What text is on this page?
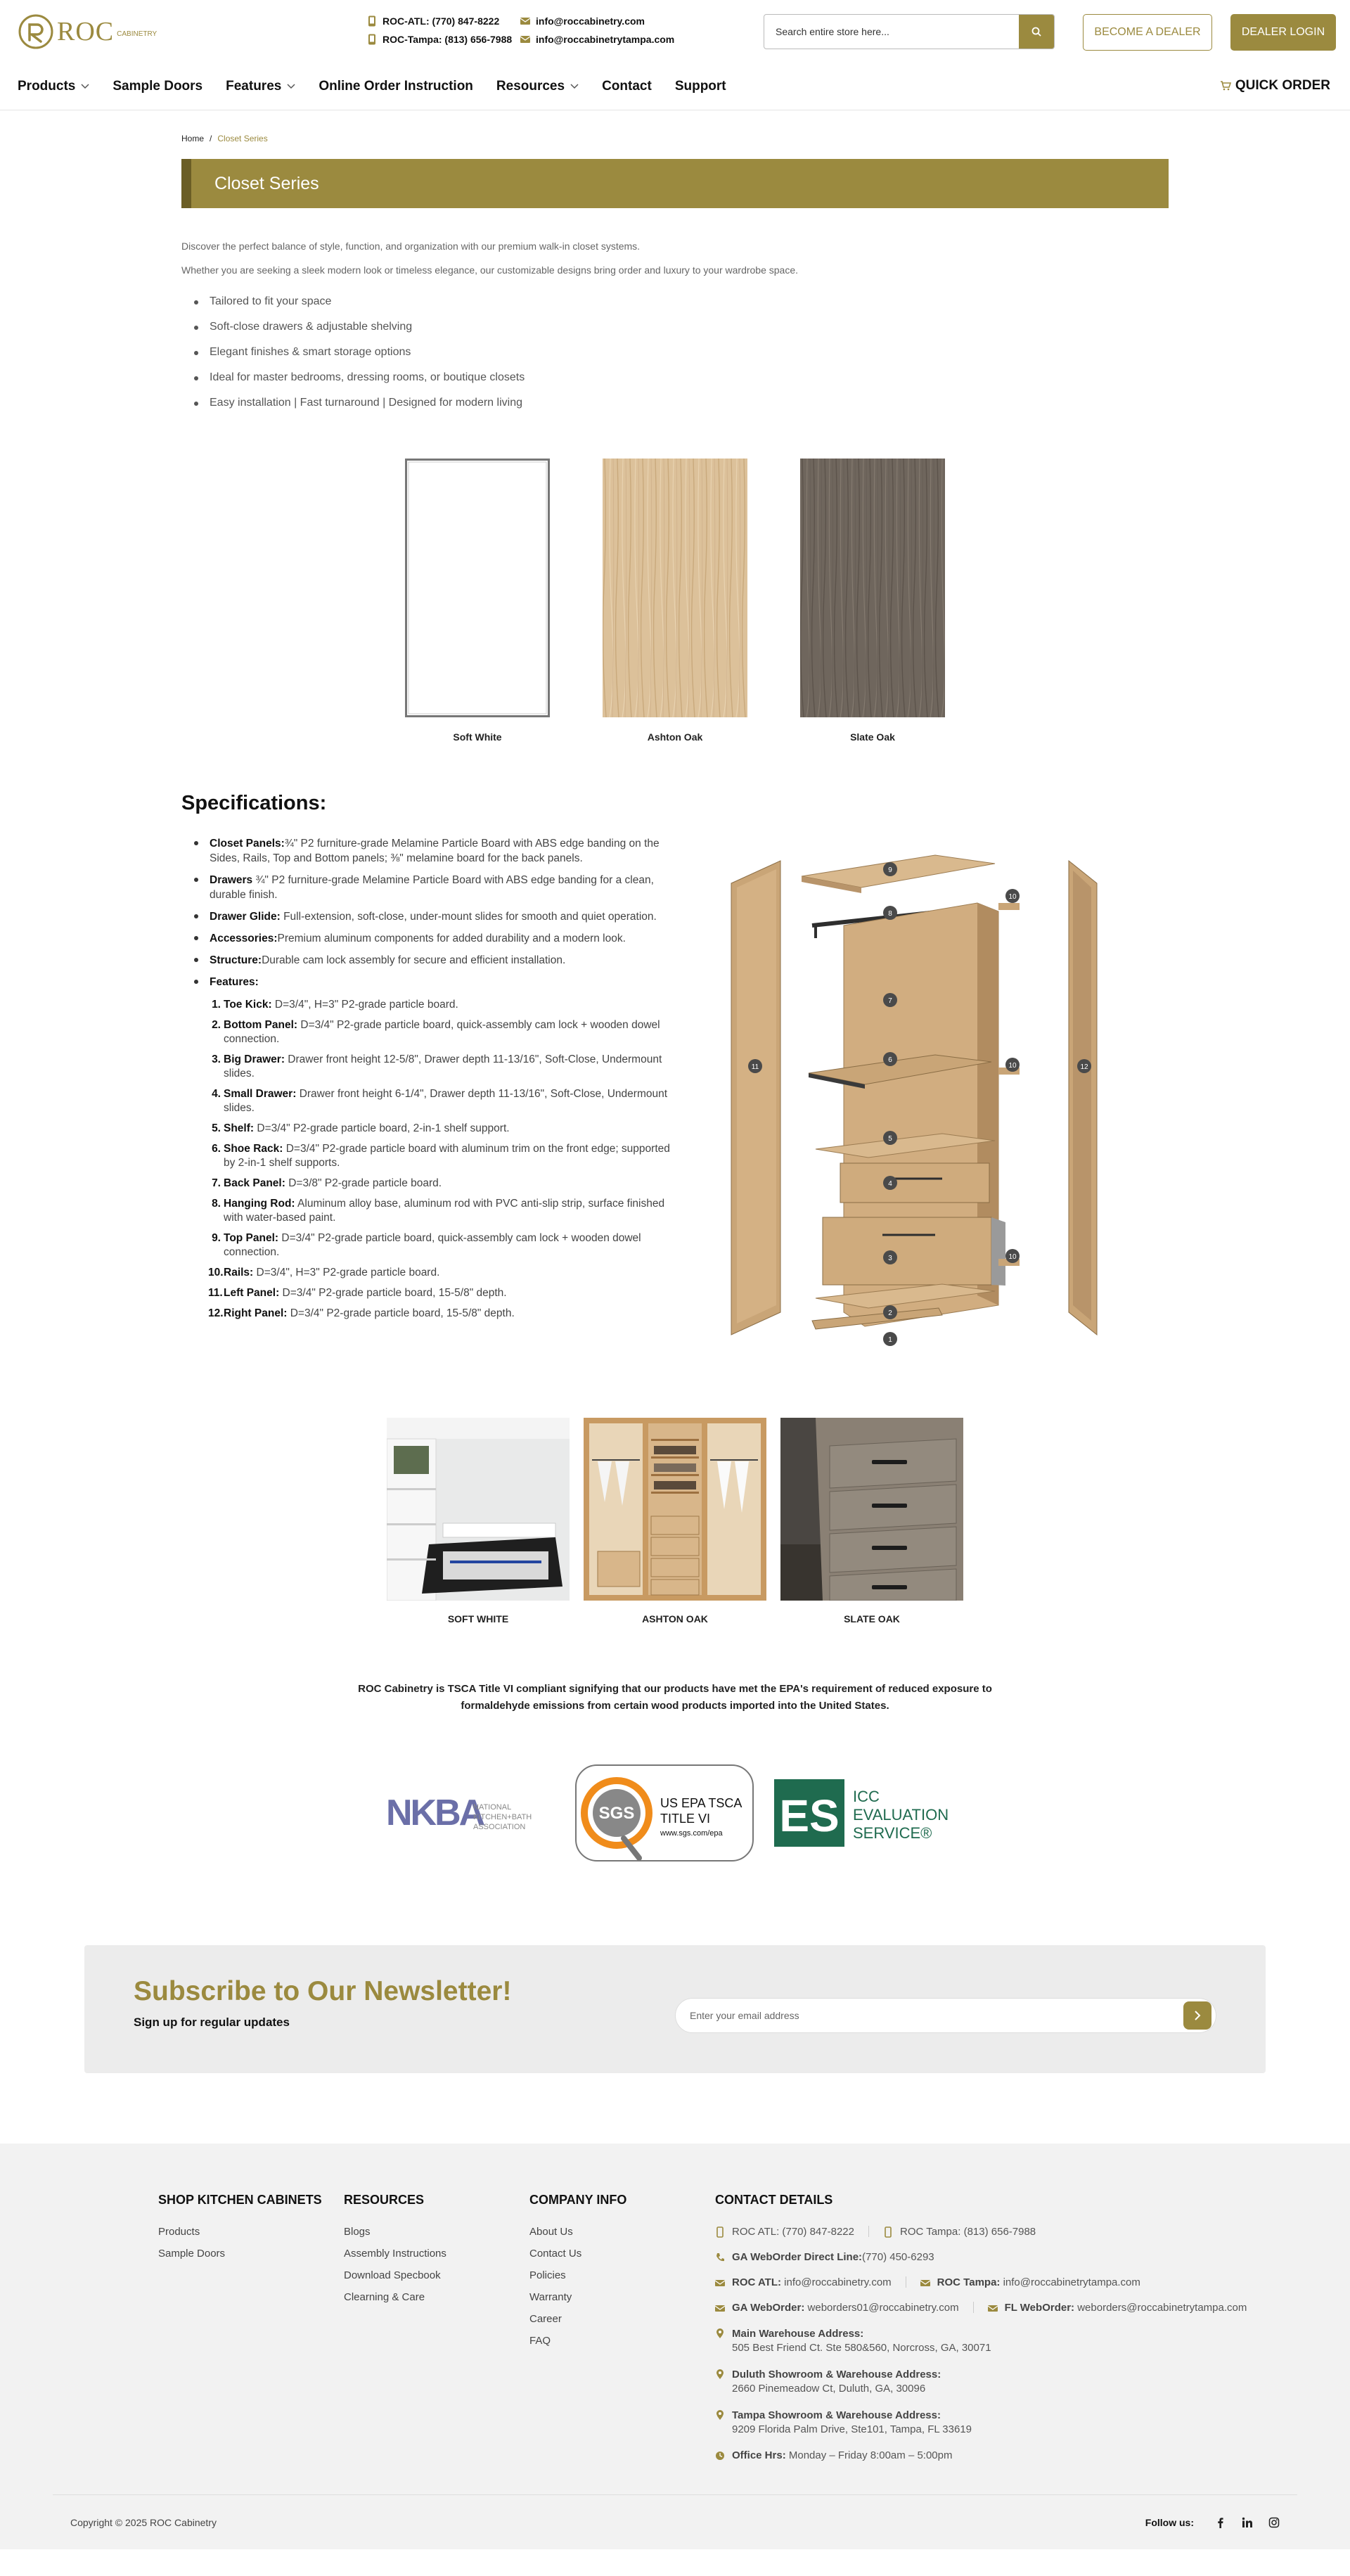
ROC CABINETRY
ROC-ATL: (770) 847-8222	info@roccabinetry.com
ROC-Tampa: (813) 656-7988 info@roccabinetrytampa.com
Search entire store here...
BECOME A DEALER	DEALER LOGIN
Products	Sample Doors Features	Online Order Instruction Resources	Contact Support	QUICK ORDER
Home / Closet Series
Closet Series

Discover the perfect balance of style, function, and organization with our premium walk-in closet systems.

Whether you are seeking a sleek modern look or timeless elegance, our customizable designs bring order and luxury to your wardrobe space.

Tailored to fit your space
Soft-close drawers & adjustable shelving
Elegant finishes & smart storage options
Ideal for master bedrooms, dressing rooms, or boutique closets
Easy installation | Fast turnaround | Designed for modern living
Soft White	Ashton Oak	Slate Oak
Specifications:
Closet Panels:¾" P2 furniture-grade Melamine Particle Board with ABS edge banding on the Sides, Rails, Top and Bottom panels; ⅜" melamine board for the back panels.
Drawers ¾" P2 furniture-grade Melamine Particle Board with ABS edge banding for a clean, durable finish.
Drawer Glide: Full-extension, soft-close, under-mount slides for smooth and quiet operation.
Accessories:Premium aluminum components for added durability and a modern look.
Structure:Durable cam lock assembly for secure and efficient installation.
Features:
1. Toe Kick: D=3/4", H=3" P2-grade particle board.
2. Bottom Panel: D=3/4" P2-grade particle board, quick-assembly cam lock + wooden dowel connection.
3. Big Drawer: Drawer front height 12-5/8", Drawer depth 11-13/16", Soft-Close, Undermount slides.
4. Small Drawer: Drawer front height 6-1/4", Drawer depth 11-13/16", Soft-Close, Undermount slides.
5. Shelf: D=3/4" P2-grade particle board, 2-in-1 shelf support.
6. Shoe Rack: D=3/4" P2-grade particle board with aluminum trim on the front edge; supported by 2-in-1 shelf supports.
7. Back Panel: D=3/8" P2-grade particle board.
8. Hanging Rod: Aluminum alloy base, aluminum rod with PVC anti-slip strip, surface finished with water-based paint.
9. Top Panel: D=3/4" P2-grade particle board, quick-assembly cam lock + wooden dowel connection.
10. Rails: D=3/4", H=3" P2-grade particle board.
11. Left Panel: D=3/4" P2-grade particle board, 15-5/8" depth.
12. Right Panel: D=3/4" P2-grade particle board, 15-5/8" depth.
1
2
3
4
5
6
7
8
9
10
10
10
11	12
SOFT WHITE	ASHTON OAK	SLATE OAK

ROC Cabinetry is TSCA Title VI compliant signifying that our products have met the EPA's requirement of reduced exposure to formaldehyde emissions from certain wood products imported into the United States.

NKBA
NATIONAL
KITCHEN+BATH
ASSOCIATION
SGS
US EPA TSCA
TITLE VI
www.sgs.com/epa ES ICC
EVALUATION
SERVICE®
Subscribe to Our Newsletter!

Sign up for regular updates

Enter your email address
SHOP KITCHEN CABINETS
Products
Sample Doors
RESOURCES
Blogs
Assembly Instructions
Download Specbook
Clearning & Care
COMPANY INFO
About Us
Contact Us
Policies
Warranty
Career
FAQ
CONTACT DETAILS
ROC ATL: (770) 847-8222	ROC Tampa: (813) 656-7988
GA WebOrder Direct Line:(770) 450-6293
ROC ATL: info@roccabinetry.com	ROC Tampa: info@roccabinetrytampa.com
GA WebOrder: weborders01@roccabinetry.com	FL WebOrder: weborders@roccabinetrytampa.com
Main Warehouse Address:
505 Best Friend Ct. Ste 580&560, Norcross, GA, 30071
Duluth Showroom & Warehouse Address:
2660 Pinemeadow Ct, Duluth, GA, 30096
Tampa Showroom & Warehouse Address:
9209 Florida Palm Drive, Ste101, Tampa, FL 33619
Office Hrs: Monday – Friday 8:00am – 5:00pm
Copyright © 2025 ROC Cabinetry	Follow us:
